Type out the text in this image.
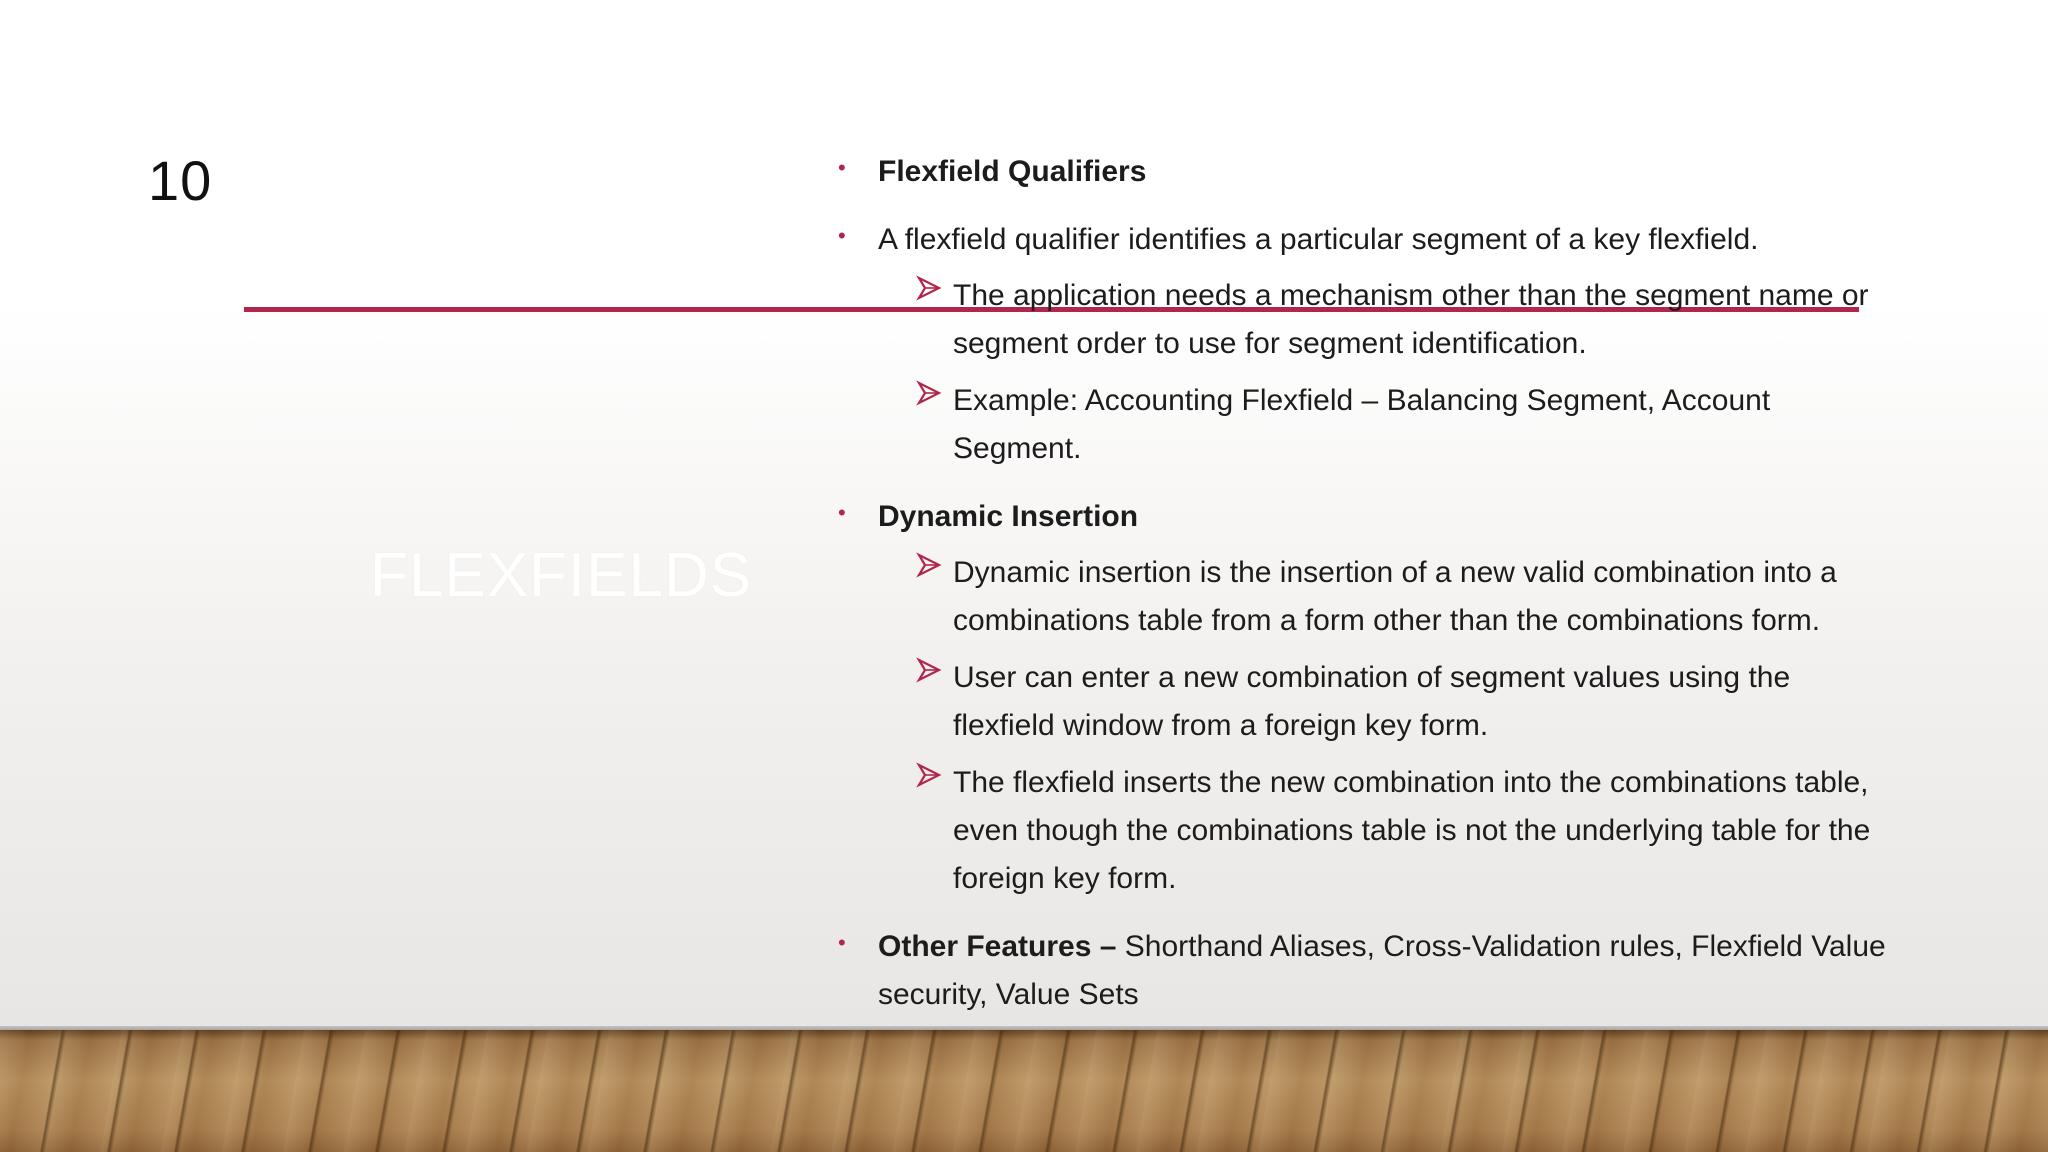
10
FLEXFIELDS
• Flexfield Qualifiers
• A flexfield qualifier identifies a particular segment of a key flexfield.
The application needs a mechanism other than the segment name or segment order to use for segment identification.
Example: Accounting Flexfield – Balancing Segment, Account Segment.
• Dynamic Insertion
Dynamic insertion is the insertion of a new valid combination into a combinations table from a form other than the combinations form.
User can enter a new combination of segment values using the flexfield window from a foreign key form.
The flexfield inserts the new combination into the combinations table, even though the combinations table is not the underlying table for the foreign key form.
• Other Features – Shorthand Aliases, Cross-Validation rules, Flexfield Value security, Value Sets
